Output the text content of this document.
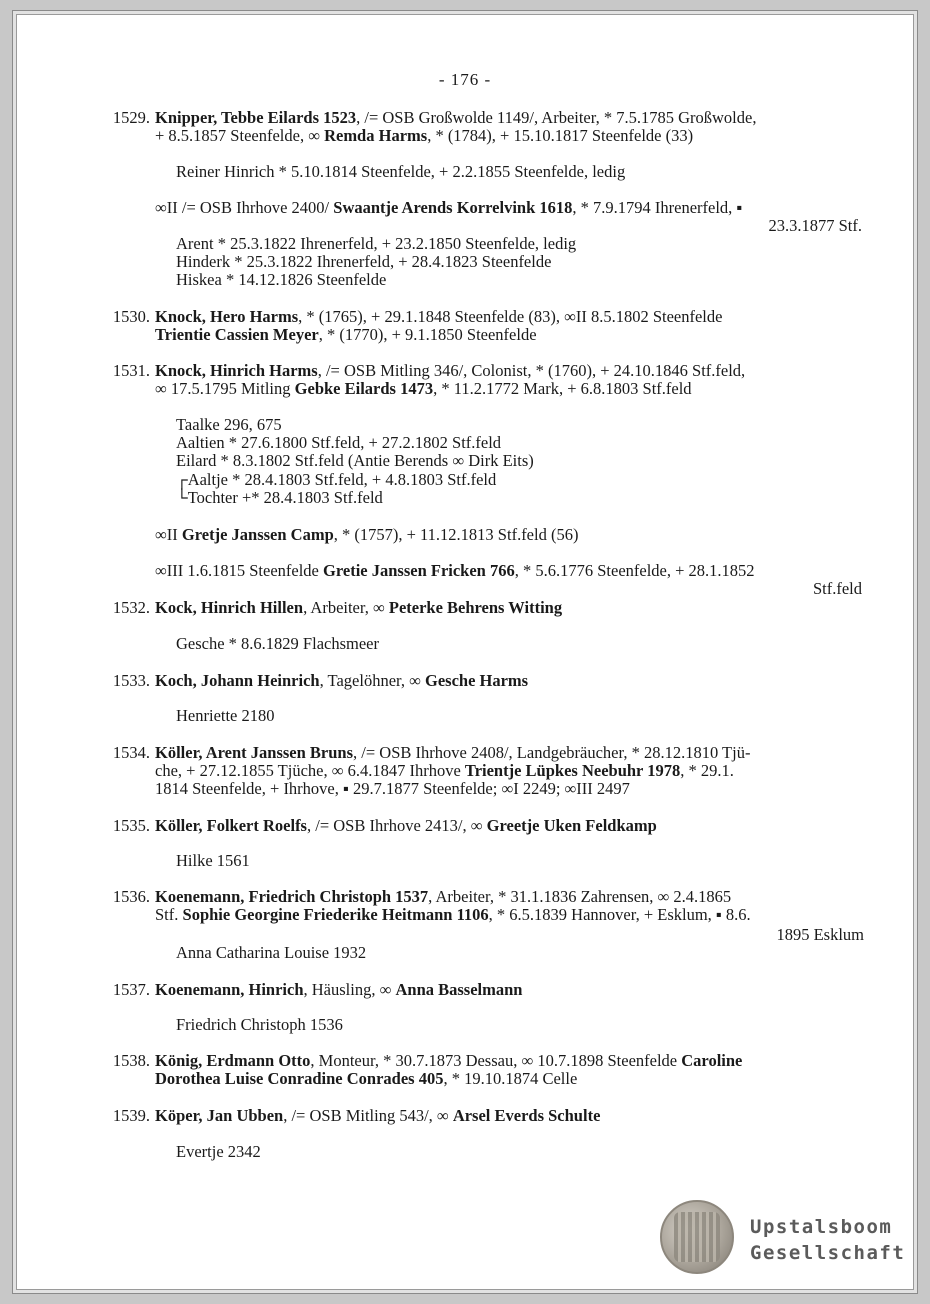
- 176 -
1529. Knipper, Tebbe Eilards 1523, /= OSB Großwolde 1149/, Arbeiter, * 7.5.1785 Großwolde,
+ 8.5.1857 Steenfelde, ∞ Remda Harms, * (1784), + 15.10.1817 Steenfelde (33)
1530. Knock, Hero Harms, * (1765), + 29.1.1848 Steenfelde (83), ∞II 8.5.1802 Steenfelde
Trientie Cassien Meyer, * (1770), + 9.1.1850 Steenfelde
1531. Knock, Hinrich Harms, /= OSB Mitling 346/, Colonist, * (1760), + 24.10.1846 Stf.feld,
∞ 17.5.1795 Mitling Gebke Eilards 1473, * 11.2.1772 Mark, + 6.8.1803 Stf.feld
1532. Kock, Hinrich Hillen, Arbeiter, ∞ Peterke Behrens Witting
1533. Koch, Johann Heinrich, Tagelöhner, ∞ Gesche Harms
1534. Köller, Arent Janssen Bruns, /= OSB Ihrhove 2408/, Landgebräucher, * 28.12.1810 Tjü-
che, + 27.12.1855 Tjüche, ∞ 6.4.1847 Ihrhove Trientje Lüpkes Neebuhr 1978, * 29.1.
1814 Steenfelde, + Ihrhove, ▪ 29.7.1877 Steenfelde; ∞I 2249; ∞III 2497
1535. Köller, Folkert Roelfs, /= OSB Ihrhove 2413/, ∞ Greetje Uken Feldkamp
1536. Koenemann, Friedrich Christoph 1537, Arbeiter, * 31.1.1836 Zahrensen, ∞ 2.4.1865
Stf. Sophie Georgine Friederike Heitmann 1106, * 6.5.1839 Hannover, + Esklum, ▪ 8.6.
1537. Koenemann, Hinrich, Häusling, ∞ Anna Basselmann
1538. König, Erdmann Otto, Monteur, * 30.7.1873 Dessau, ∞ 10.7.1898 Steenfelde Caroline
Dorothea Luise Conradine Conrades 405, * 19.10.1874 Celle
1539. Köper, Jan Ubben, /= OSB Mitling 543/, ∞ Arsel Everds Schulte
Reiner Hinrich * 5.10.1814 Steenfelde, + 2.2.1855 Steenfelde, ledig
∞II /= OSB Ihrhove 2400/ Swaantje Arends Korrelvink 1618, * 7.9.1794 Ihrenerfeld, ▪
23.3.1877 Stf.
Arent * 25.3.1822 Ihrenerfeld, + 23.2.1850 Steenfelde, ledig
Hinderk * 25.3.1822 Ihrenerfeld, + 28.4.1823 Steenfelde
Hiskea * 14.12.1826 Steenfelde
Taalke 296, 675
Aaltien * 27.6.1800 Stf.feld, + 27.2.1802 Stf.feld
Eilard * 8.3.1802 Stf.feld (Antie Berends ∞ Dirk Eits)
┌Aaltje * 28.4.1803 Stf.feld, + 4.8.1803 Stf.feld
└Tochter +* 28.4.1803 Stf.feld
∞II Gretje Janssen Camp, * (1757), + 11.12.1813 Stf.feld (56)
∞III 1.6.1815 Steenfelde Gretie Janssen Fricken 766, * 5.6.1776 Steenfelde, + 28.1.1852
Stf.feld
Gesche * 8.6.1829 Flachsmeer
Henriette 2180
Hilke 1561
1895 Esklum
Anna Catharina Louise 1932
Friedrich Christoph 1536
Evertje 2342
Upstalsboom
Gesellschaft
